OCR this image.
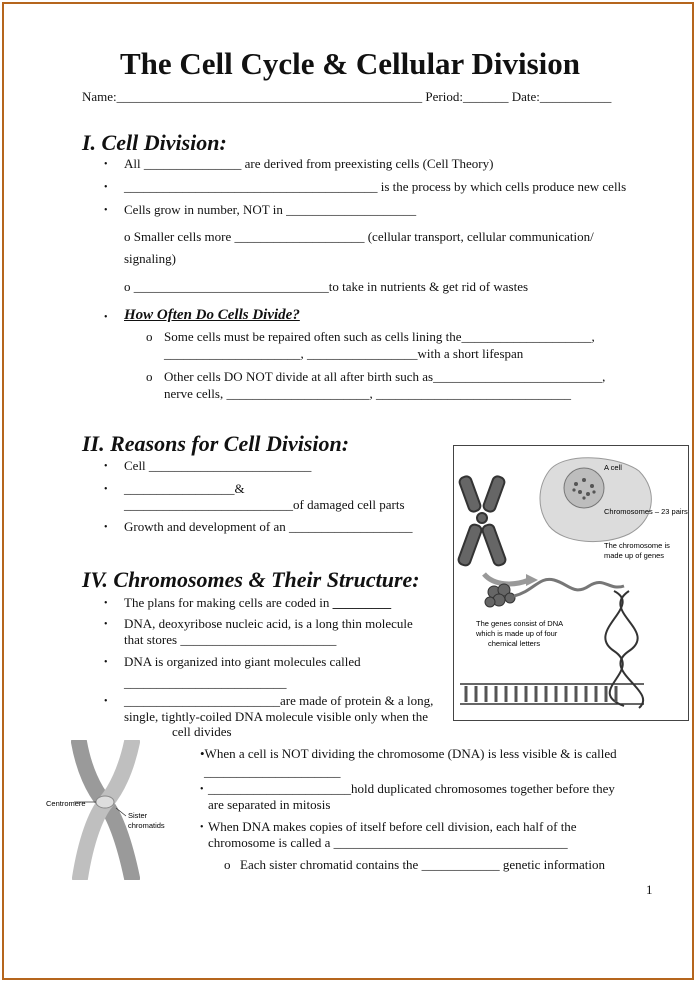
The Cell Cycle & Cellular Division
Name:_______________________________________________ Period:_______ Date:___________
I. Cell Division:
• All _______________ are derived from preexisting cells (Cell Theory)
• _______________________________________ is the process by which cells produce new cells
• Cells grow in number, NOT in ____________________
o Smaller cells more ____________________ (cellular transport, cellular communication/
signaling)
o ______________________________to take in nutrients & get rid of wastes
• How Often Do Cells Divide?
o Some cells must be repaired often such as cells lining the____________________,
_____________________, _________________with a short lifespan
o Other cells DO NOT divide at all after birth such as__________________________,
nerve cells, ______________________, ______________________________
II. Reasons for Cell Division:
• Cell _________________________
• _________________&
__________________________of damaged cell parts
• Growth and development of an ___________________
IV. Chromosomes & Their Structure:
• The plans for making cells are coded in _________
• DNA, deoxyribose nucleic acid, is a long thin molecule
that stores ________________________
• DNA is organized into giant molecules called
_________________________
• ________________________are made of protein & a long,
single, tightly-coiled DNA molecule visible only when the
cell divides
•When a cell is NOT dividing the chromosome (DNA) is less visible & is called
_____________________
• ______________________hold duplicated chromosomes together before they
are separated in mitosis
• When DNA makes copies of itself before cell division, each half of the
chromosome is called a ____________________________________
o Each sister chromatid contains the ____________ genetic information
1
A cell
Chromosomes – 23 pairs
The chromosome is
made up of genes
The genes consist of DNA
which is made up of four
chemical letters
Centromere
Sister
chromatids
